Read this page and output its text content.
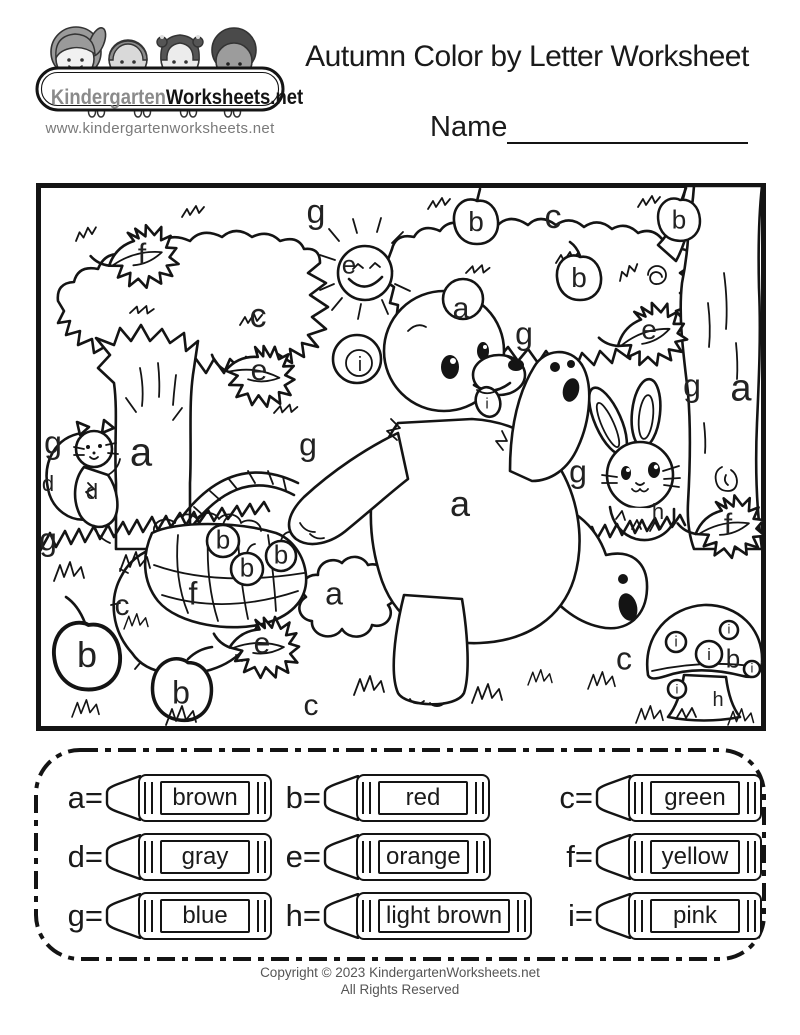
KindergartenWorksheets.net
www.kindergartenworksheets.net
Autumn Color by Letter Worksheet
Name
g
f	e
c
e	i
a
g
b c	b
b
e
g a
i
g a	g
d d
g
c f
b
b
b
b b
e
a
c
a
g
h f
c	i
i
i
i
i
b
h
a=	brown	b=	red	c=	green
d=	gray	e=	orange	f=	yellow
g=	blue	h=	light brown	i=	pink
Copyright © 2023 KindergartenWorksheets.net
All Rights Reserved
